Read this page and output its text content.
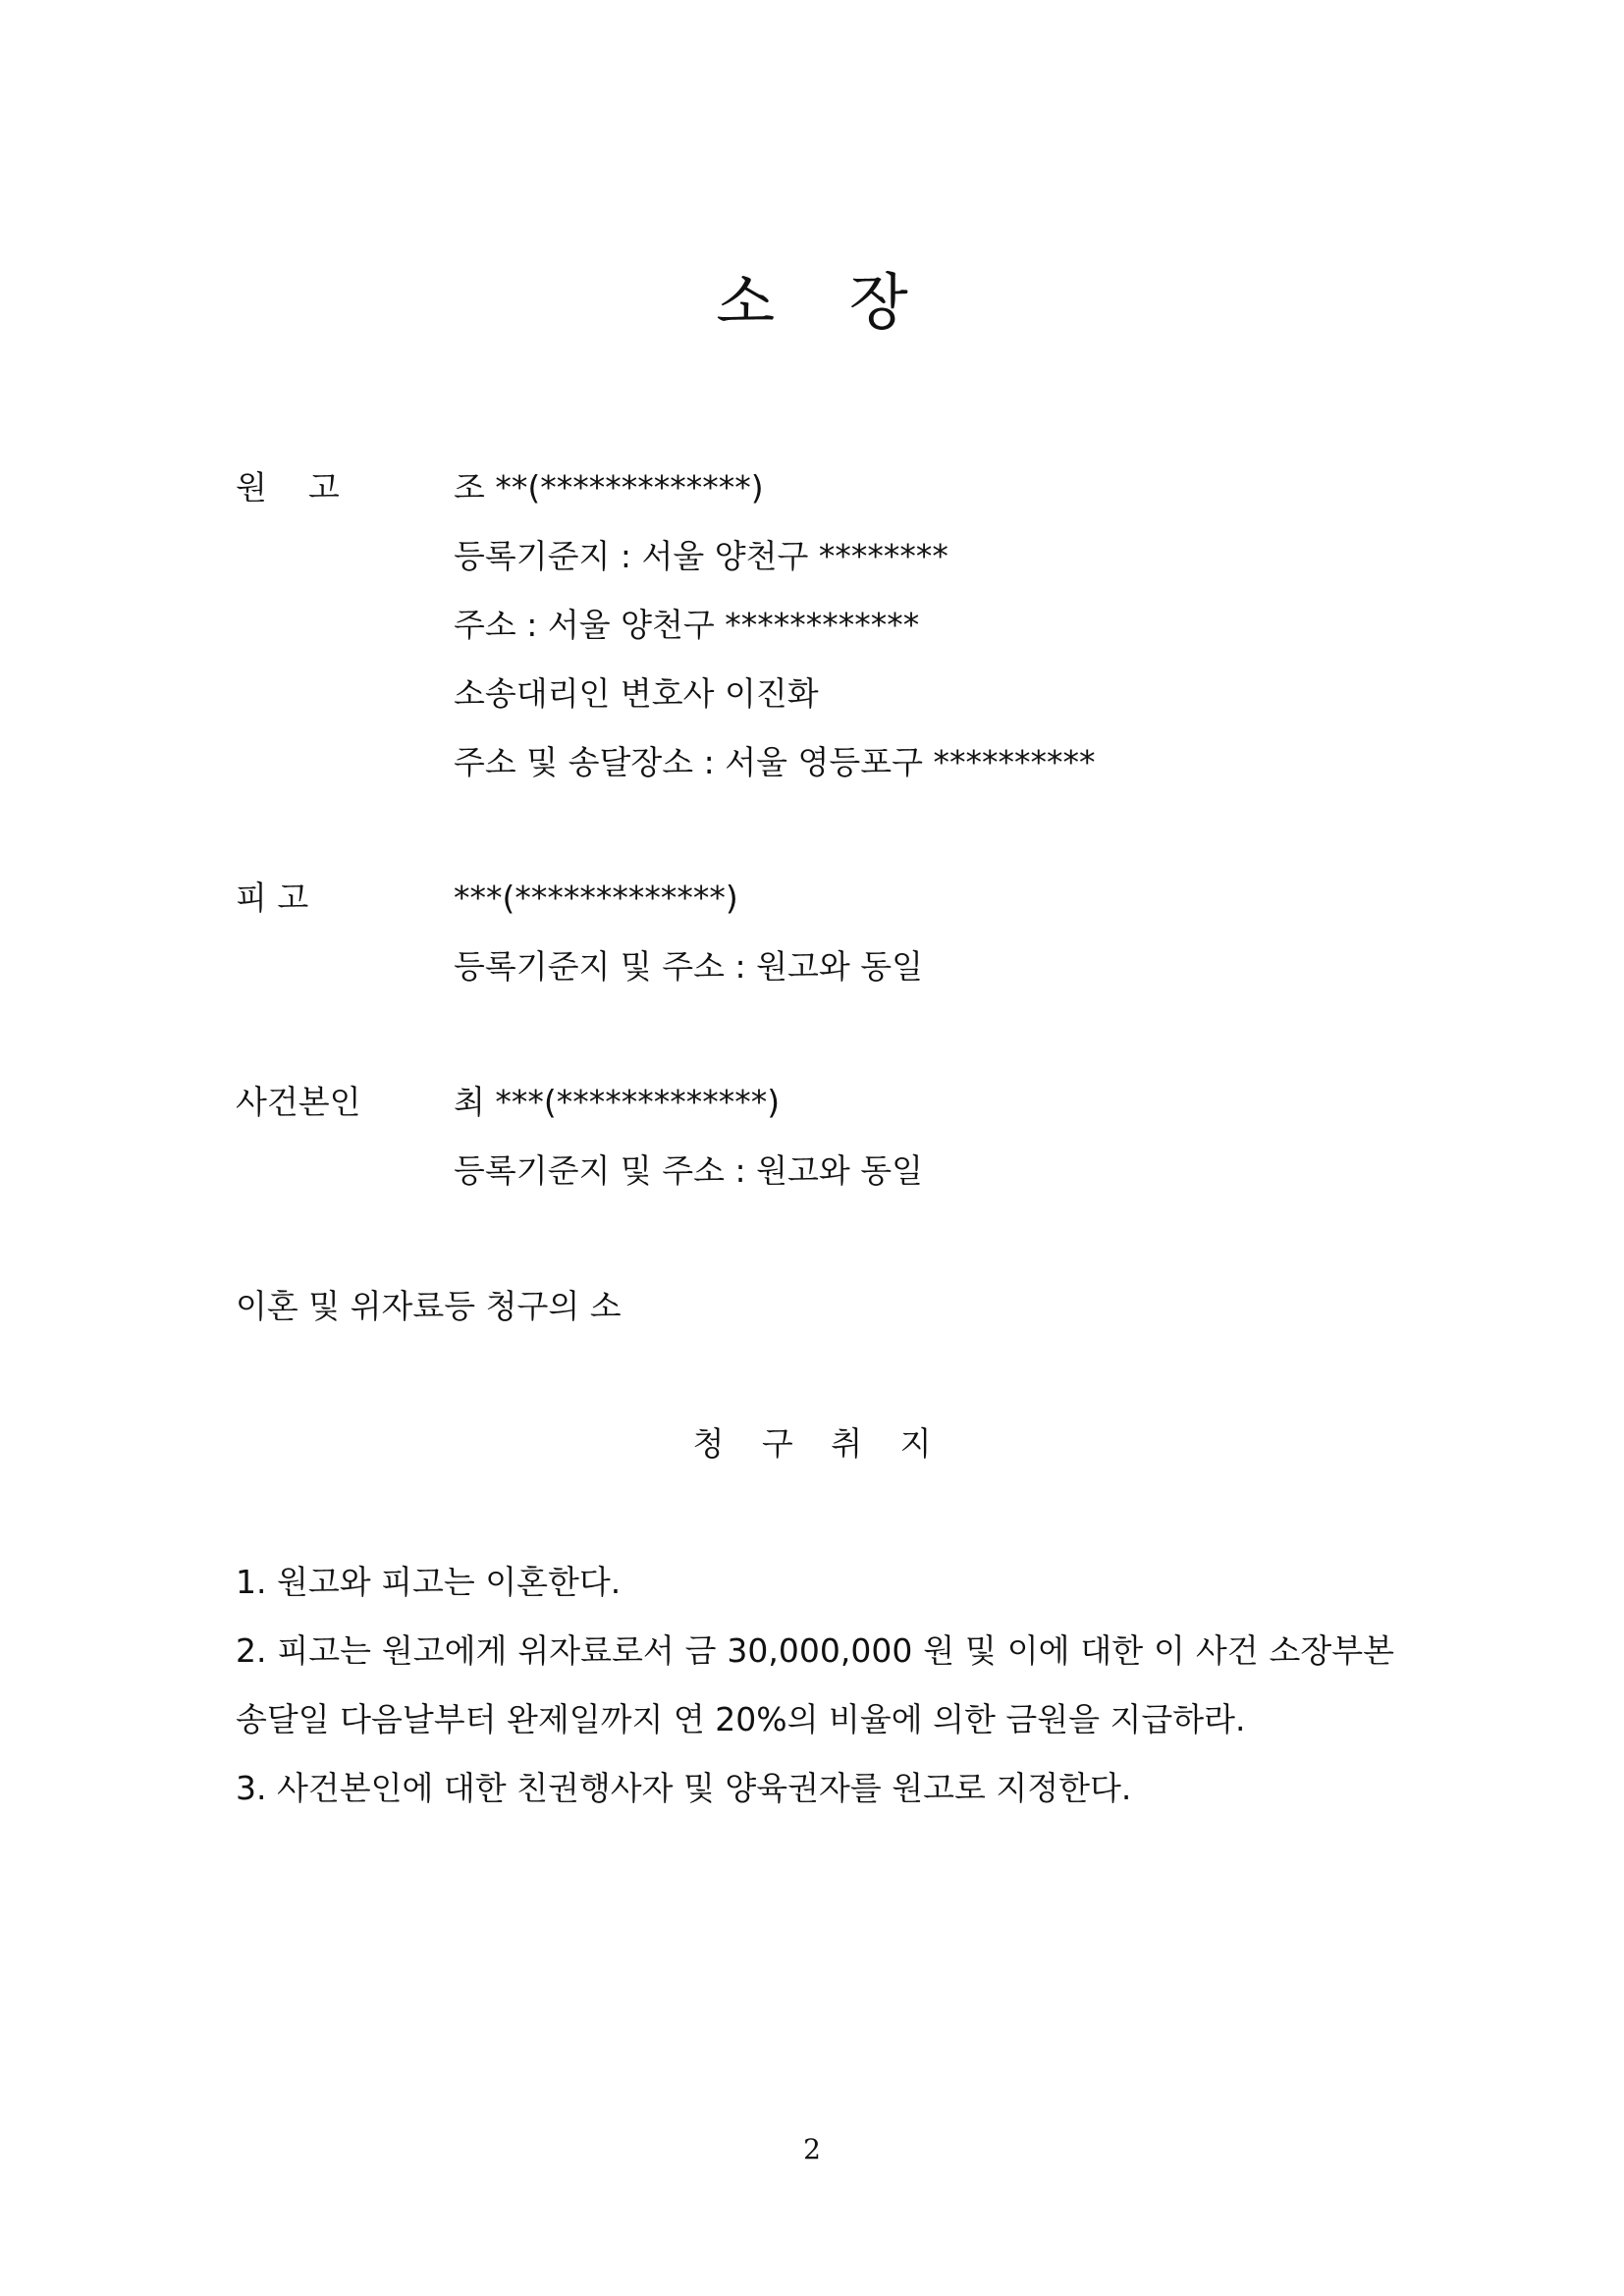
소 장
원    고	조 **(*************)
등록기준지 : 서울 양천구 ********
주소 : 서울 양천구 ************
소송대리인 변호사 이진화
주소 및 송달장소 : 서울 영등포구 **********
피 고	***(*************)
등록기준지 및 주소 : 원고와 동일
사건본인	최 ***(*************)
등록기준지 및 주소 : 원고와 동일
이혼 및 위자료등 청구의 소
청 구 취 지
1. 원고와 피고는 이혼한다.
2. 피고는 원고에게 위자료로서 금 30,000,000 원 및 이에 대한 이 사건 소장부본 송달일 다음날부터 완제일까지 연 20%의 비율에 의한 금원을 지급하라.
3. 사건본인에 대한 친권행사자 및 양육권자를 원고로 지정한다.
2
